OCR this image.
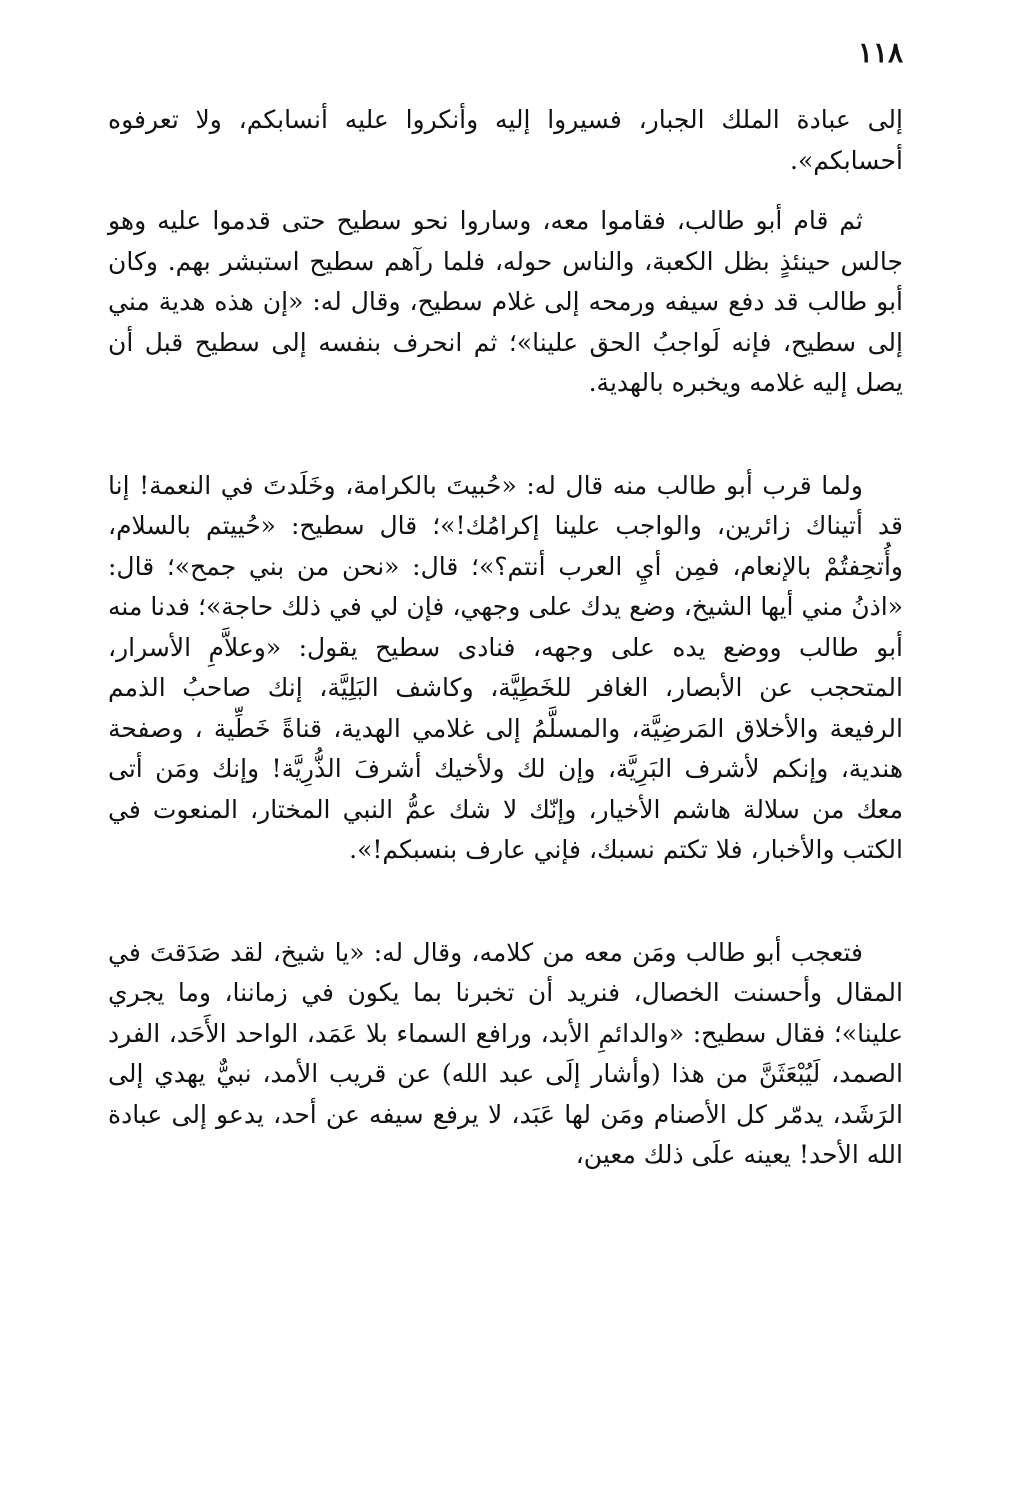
١١٨

إلى عبادة الملك الجبار، فسيروا إليه وأنكروا عليه أنسابكم، ولا تعرفوه أحسابكم».

ثم قام أبو طالب، فقاموا معه، وساروا نحو سطيح حتى قدموا عليه وهو جالس حينئذٍ بظل الكعبة، والناس حوله، فلما رآهم سطيح استبشر بهم. وكان أبو طالب قد دفع سيفه ورمحه إلى غلام سطيح، وقال له: «إن هذه هدية مني إلى سطيح، فإنه لَواجبُ الحق علينا»؛ ثم انحرف بنفسه إلى سطيح قبل أن يصل إليه غلامه ويخبره بالهدية.

ولما قرب أبو طالب منه قال له: «حُبيتَ بالكرامة، وخَلَدتَ في النعمة! إنا قد أتيناك زائرين، والواجب علينا إكرامُك!»؛ قال سطيح: «حُييتم بالسلام، وأُتحِفتُمْ بالإنعام، فمِن أيِ العرب أنتم؟»؛ قال: «نحن من بني جمح»؛ قال: «اذنُ مني أيها الشيخ، وضع يدك على وجهي، فإن لي في ذلك حاجة»؛ فدنا منه أبو طالب ووضع يده على وجهه، فنادى سطيح يقول: «وعلاَّمِ الأسرار، المتحجب عن الأبصار، الغافر للخَطِيَّة، وكاشف البَلِيَّة، إنك صاحبُ الذمم الرفيعة والأخلاق المَرضِيَّة، والمسلَّمُ إلى غلامي الهدية، قناةً خَطِّية ، وصفحة هندية، وإنكم لأشرف البَرِيَّة، وإن لك ولأخيك أشرفَ الذُّرِيَّة! وإنك ومَن أتى معك من سلالة هاشم الأخيار، وإنّك لا شك عمُّ النبي المختار، المنعوت في الكتب والأخبار، فلا تكتم نسبك، فإني عارف بنسبكم!».

فتعجب أبو طالب ومَن معه من كلامه، وقال له: «يا شيخ، لقد صَدَقتَ في المقال وأحسنت الخصال، فنريد أن تخبرنا بما يكون في زماننا، وما يجري علينا»؛ فقال سطيح: «والدائمِ الأبد، ورافع السماء بلا عَمَد، الواحد الأَحَد، الفرد الصمد، لَيُبْعَثَنَّ من هذا (وأشار إلَى عبد الله) عن قريب الأمد، نبيٌّ يهدي إلى الرَشَد، يدمّر كل الأصنام ومَن لها عَبَد، لا يرفع سيفه عن أحد، يدعو إلى عبادة الله الأحد! يعينه علَى ذلك معين،
